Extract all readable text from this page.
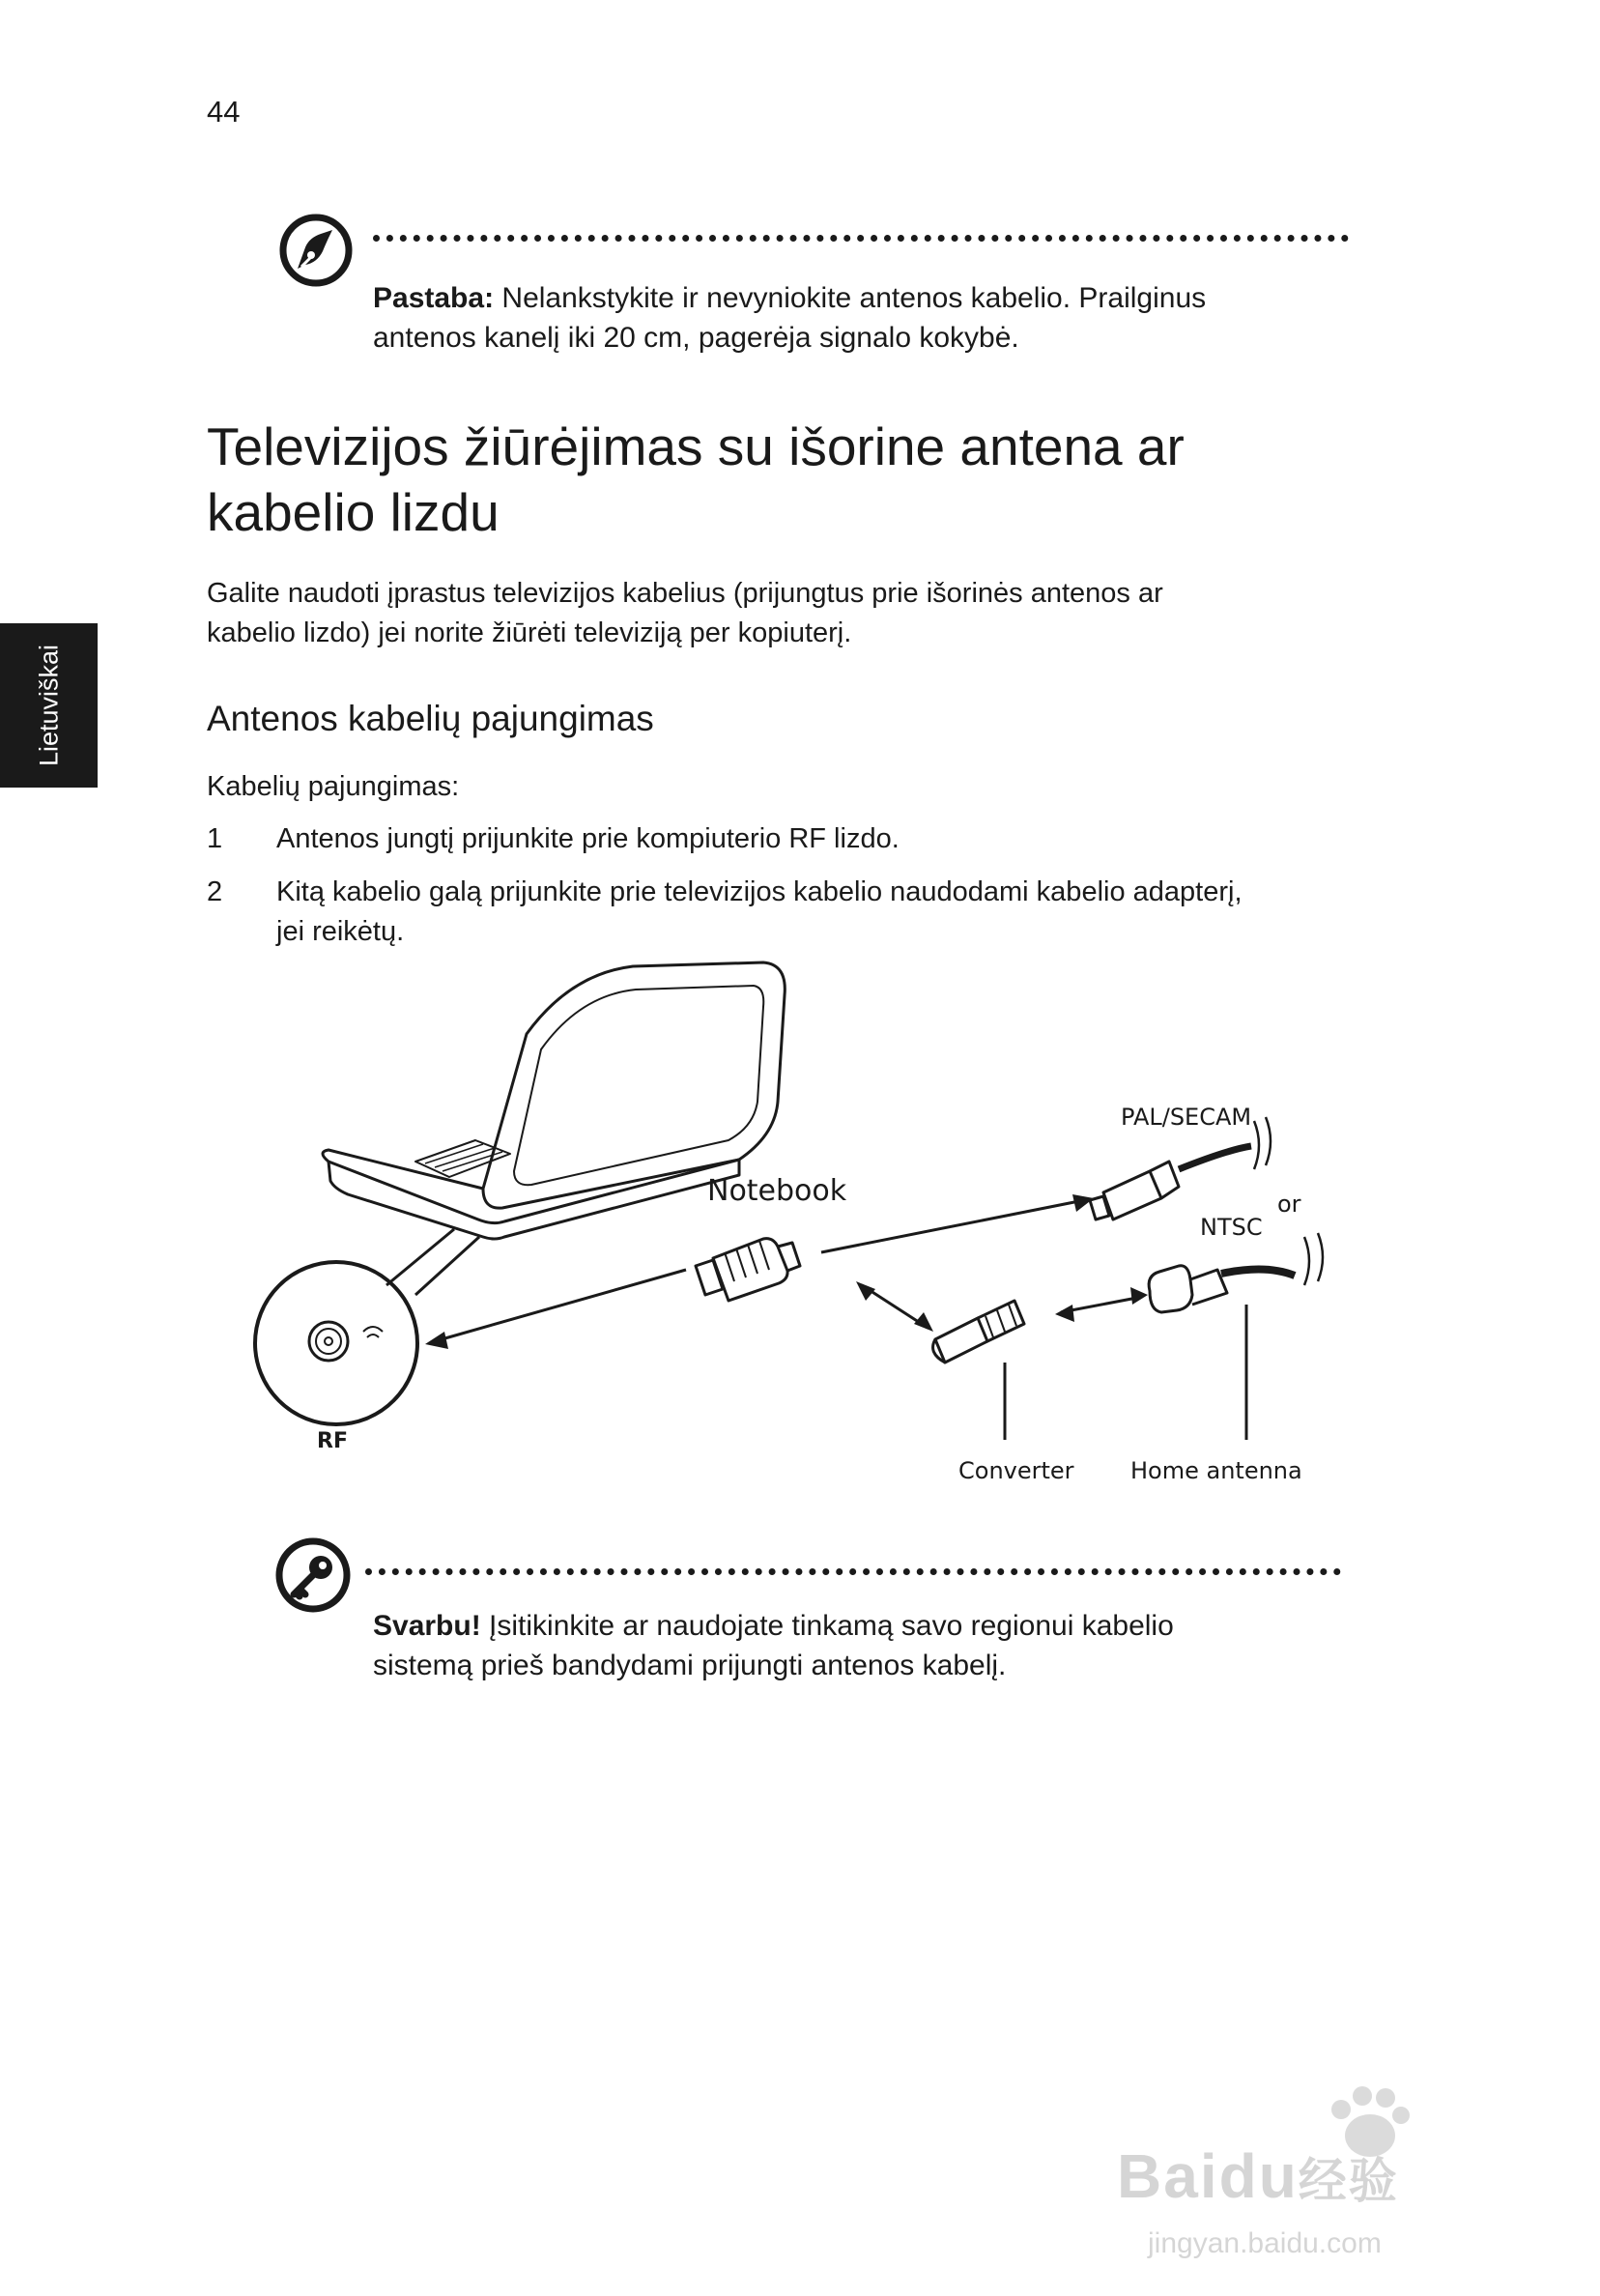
44
Lietuviškai
Pastaba: Nelankstykite ir nevyniokite antenos kabelio. Prailginus
antenos kanelį iki 20 cm, pagerėja signalo kokybė.
Televizijos žiūrėjimas su išorine antena ar
kabelio lizdu
Galite naudoti įprastus televizijos kabelius (prijungtus prie išorinės antenos ar
kabelio lizdo) jei norite žiūrėti televiziją per kopiuterį.
Antenos kabelių pajungimas
Kabelių pajungimas:
1 Antenos jungtį prijunkite prie kompiuterio RF lizdo.
2 Kitą kabelio galą prijunkite prie televizijos kabelio naudodami kabelio adapterį,
jei reikėtų.
Notebook
PAL/SECAM
or
NTSC
RF
Converter Home antenna
Svarbu! Įsitikinkite ar naudojate tinkamą savo regionui kabelio
sistemą prieš bandydami prijungti antenos kabelį.
Baidu经验
jingyan.baidu.com
